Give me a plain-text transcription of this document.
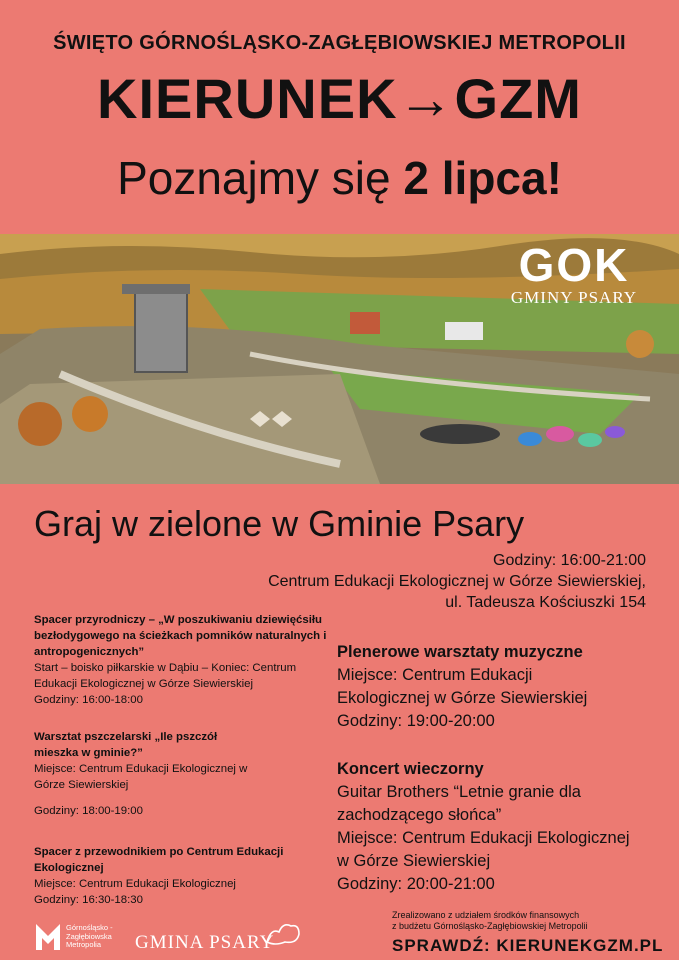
ŚWIĘTO GÓRNOŚLĄSKO-ZAGŁĘBIOWSKIEJ METROPOLII
KIERUNEK→GZM
Poznajmy się 2 lipca!
GOK
GMINY PSARY
Graj w zielone w Gminie Psary
Godziny: 16:00-21:00
Centrum Edukacji Ekologicznej w Górze Siewierskiej,
ul. Tadeusza Kościuszki 154

Spacer przyrodniczy – „W poszukiwaniu dziewięćsiłu bezłodygowego na ścieżkach pomników naturalnych i antropogenicznych”

Start – boisko piłkarskie w Dąbiu – Koniec: Centrum Edukacji Ekologicznej w Górze Siewierskiej

Godziny: 16:00-18:00

Warsztat pszczelarski „Ile pszczół mieszka w gminie?”

Miejsce: Centrum Edukacji Ekologicznej w Górze Siewierskiej

Godziny: 18:00-19:00

Spacer z przewodnikiem po Centrum Edukacji Ekologicznej

Miejsce: Centrum Edukacji Ekologicznej

Godziny: 16:30-18:30

Plenerowe warsztaty muzyczne

Miejsce: Centrum Edukacji Ekologicznej w Górze Siewierskiej

Godziny: 19:00-20:00

Koncert wieczorny

Guitar Brothers “Letnie granie dla zachodzącego słońca”

Miejsce: Centrum Edukacji Ekologicznej w Górze Siewierskiej

Godziny: 20:00-21:00

Górnośląsko -Zagłębiowska Metropolia	GMINA PSARY
Zrealizowano z udziałem środków finansowych
z budżetu Górnośląsko-Zagłębiowskiej Metropolii
SPRAWDŹ: KIERUNEKGZM.PL
